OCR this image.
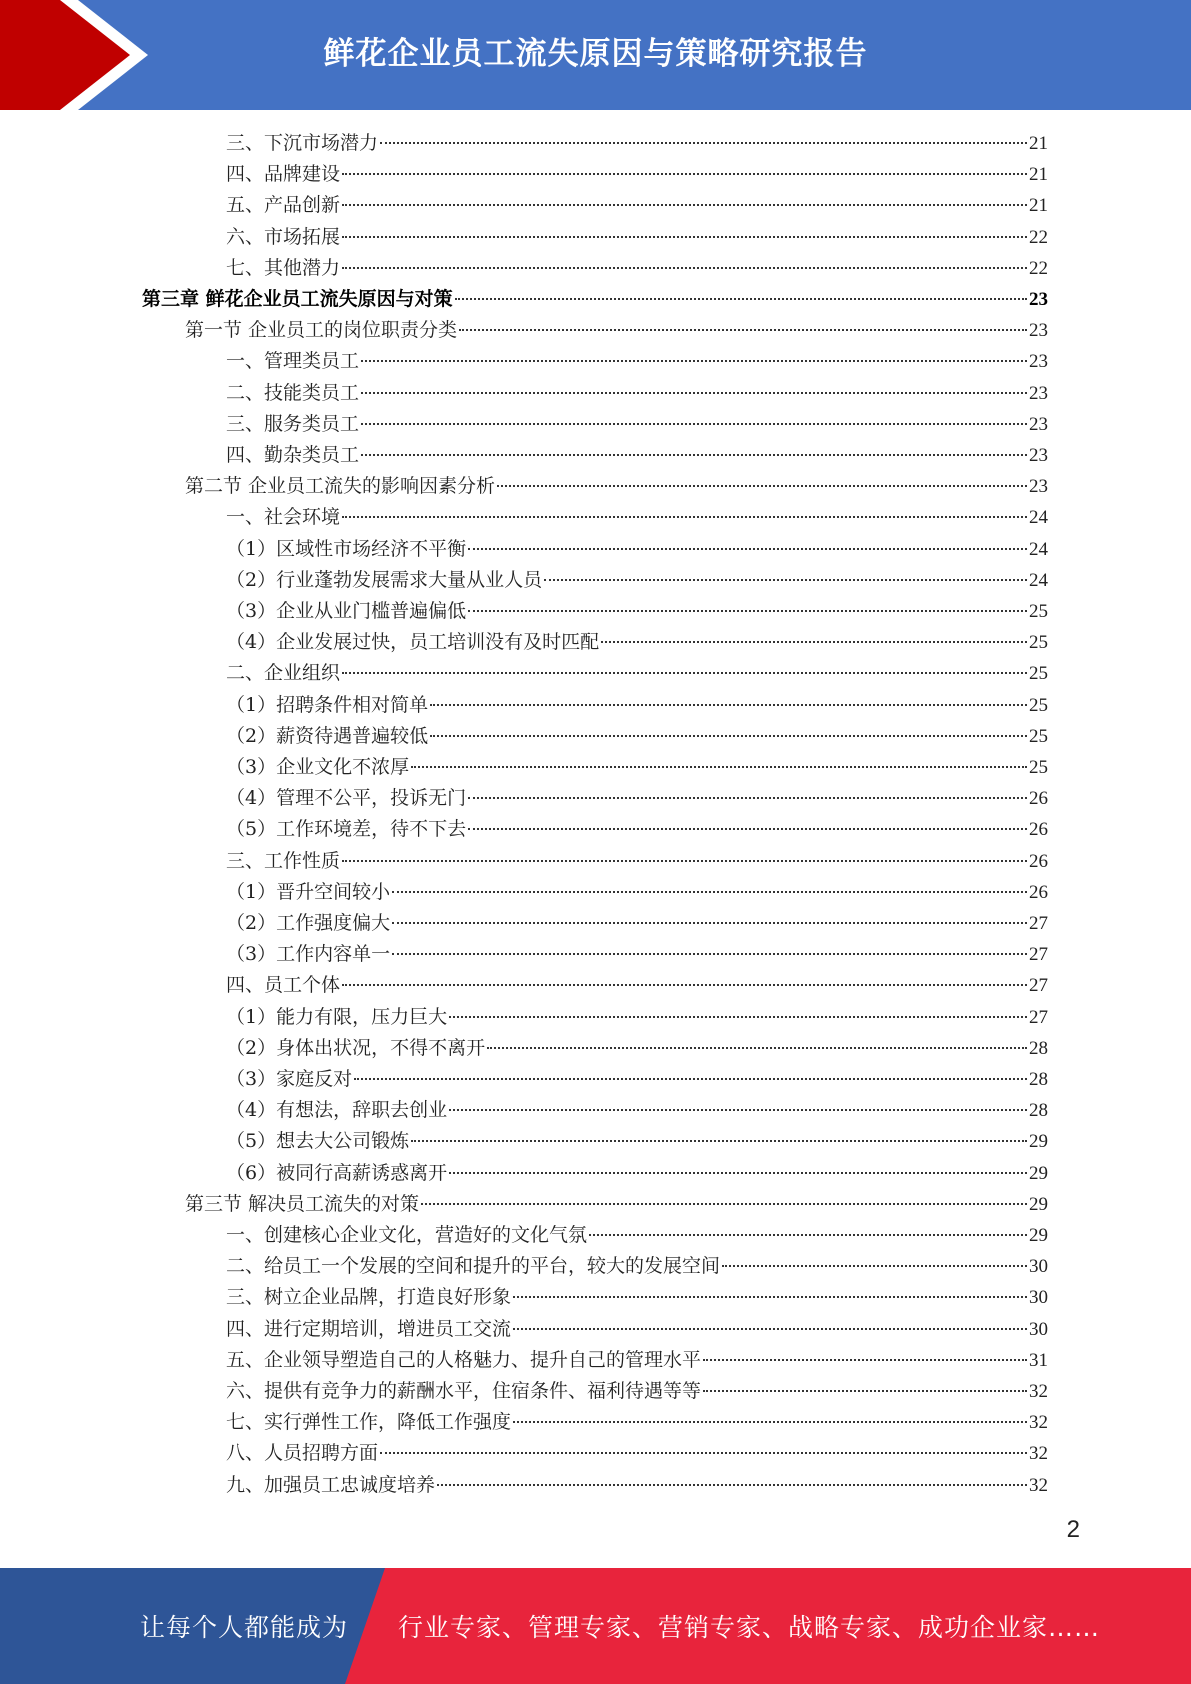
鲜花企业员工流失原因与策略研究报告
三、下沉市场潜力	21
四、品牌建设	21
五、产品创新	21
六、市场拓展	22
七、其他潜力	22
第三章 鲜花企业员工流失原因与对策	23
第一节 企业员工的岗位职责分类	23
一、管理类员工	23
二、技能类员工	23
三、服务类员工	23
四、勤杂类员工	23
第二节 企业员工流失的影响因素分析	23
一、社会环境	24
（1）区域性市场经济不平衡	24
（2）行业蓬勃发展需求大量从业人员	24
（3）企业从业门槛普遍偏低	25
（4）企业发展过快，员工培训没有及时匹配	25
二、企业组织	25
（1）招聘条件相对简单	25
（2）薪资待遇普遍较低	25
（3）企业文化不浓厚	25
（4）管理不公平，投诉无门	26
（5）工作环境差，待不下去	26
三、工作性质	26
（1）晋升空间较小	26
（2）工作强度偏大	27
（3）工作内容单一	27
四、员工个体	27
（1）能力有限，压力巨大	27
（2）身体出状况，不得不离开	28
（3）家庭反对	28
（4）有想法，辞职去创业	28
（5）想去大公司锻炼	29
（6）被同行高薪诱惑离开	29
第三节 解决员工流失的对策	29
一、创建核心企业文化，营造好的文化气氛	29
二、给员工一个发展的空间和提升的平台，较大的发展空间	30
三、树立企业品牌，打造良好形象	30
四、进行定期培训，增进员工交流	30
五、企业领导塑造自己的人格魅力、提升自己的管理水平	31
六、提供有竞争力的薪酬水平，住宿条件、福利待遇等等	32
七、实行弹性工作，降低工作强度	32
八、人员招聘方面	32
九、加强员工忠诚度培养	32
2
让每个人都能成为 行业专家、管理专家、营销专家、战略专家、成功企业家……
